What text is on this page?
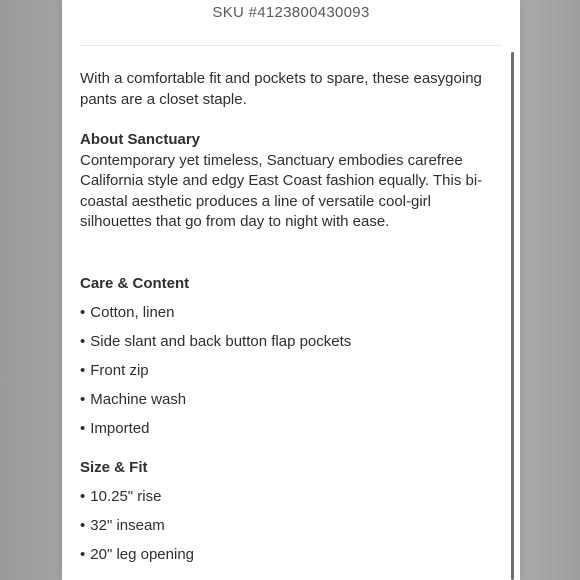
SKU #4123800430093

With a comfortable fit and pockets to spare, these easygoing pants are a closet staple.

About Sanctuary

Contemporary yet timeless, Sanctuary embodies carefree California style and edgy East Coast fashion equally. This bi-coastal aesthetic produces a line of versatile cool-girl silhouettes that go from day to night with ease.

Care & Content

• Cotton, linen

• Side slant and back button flap pockets

• Front zip

• Machine wash

• Imported

Size & Fit

• 10.25" rise

• 32" inseam

• 20" leg opening
